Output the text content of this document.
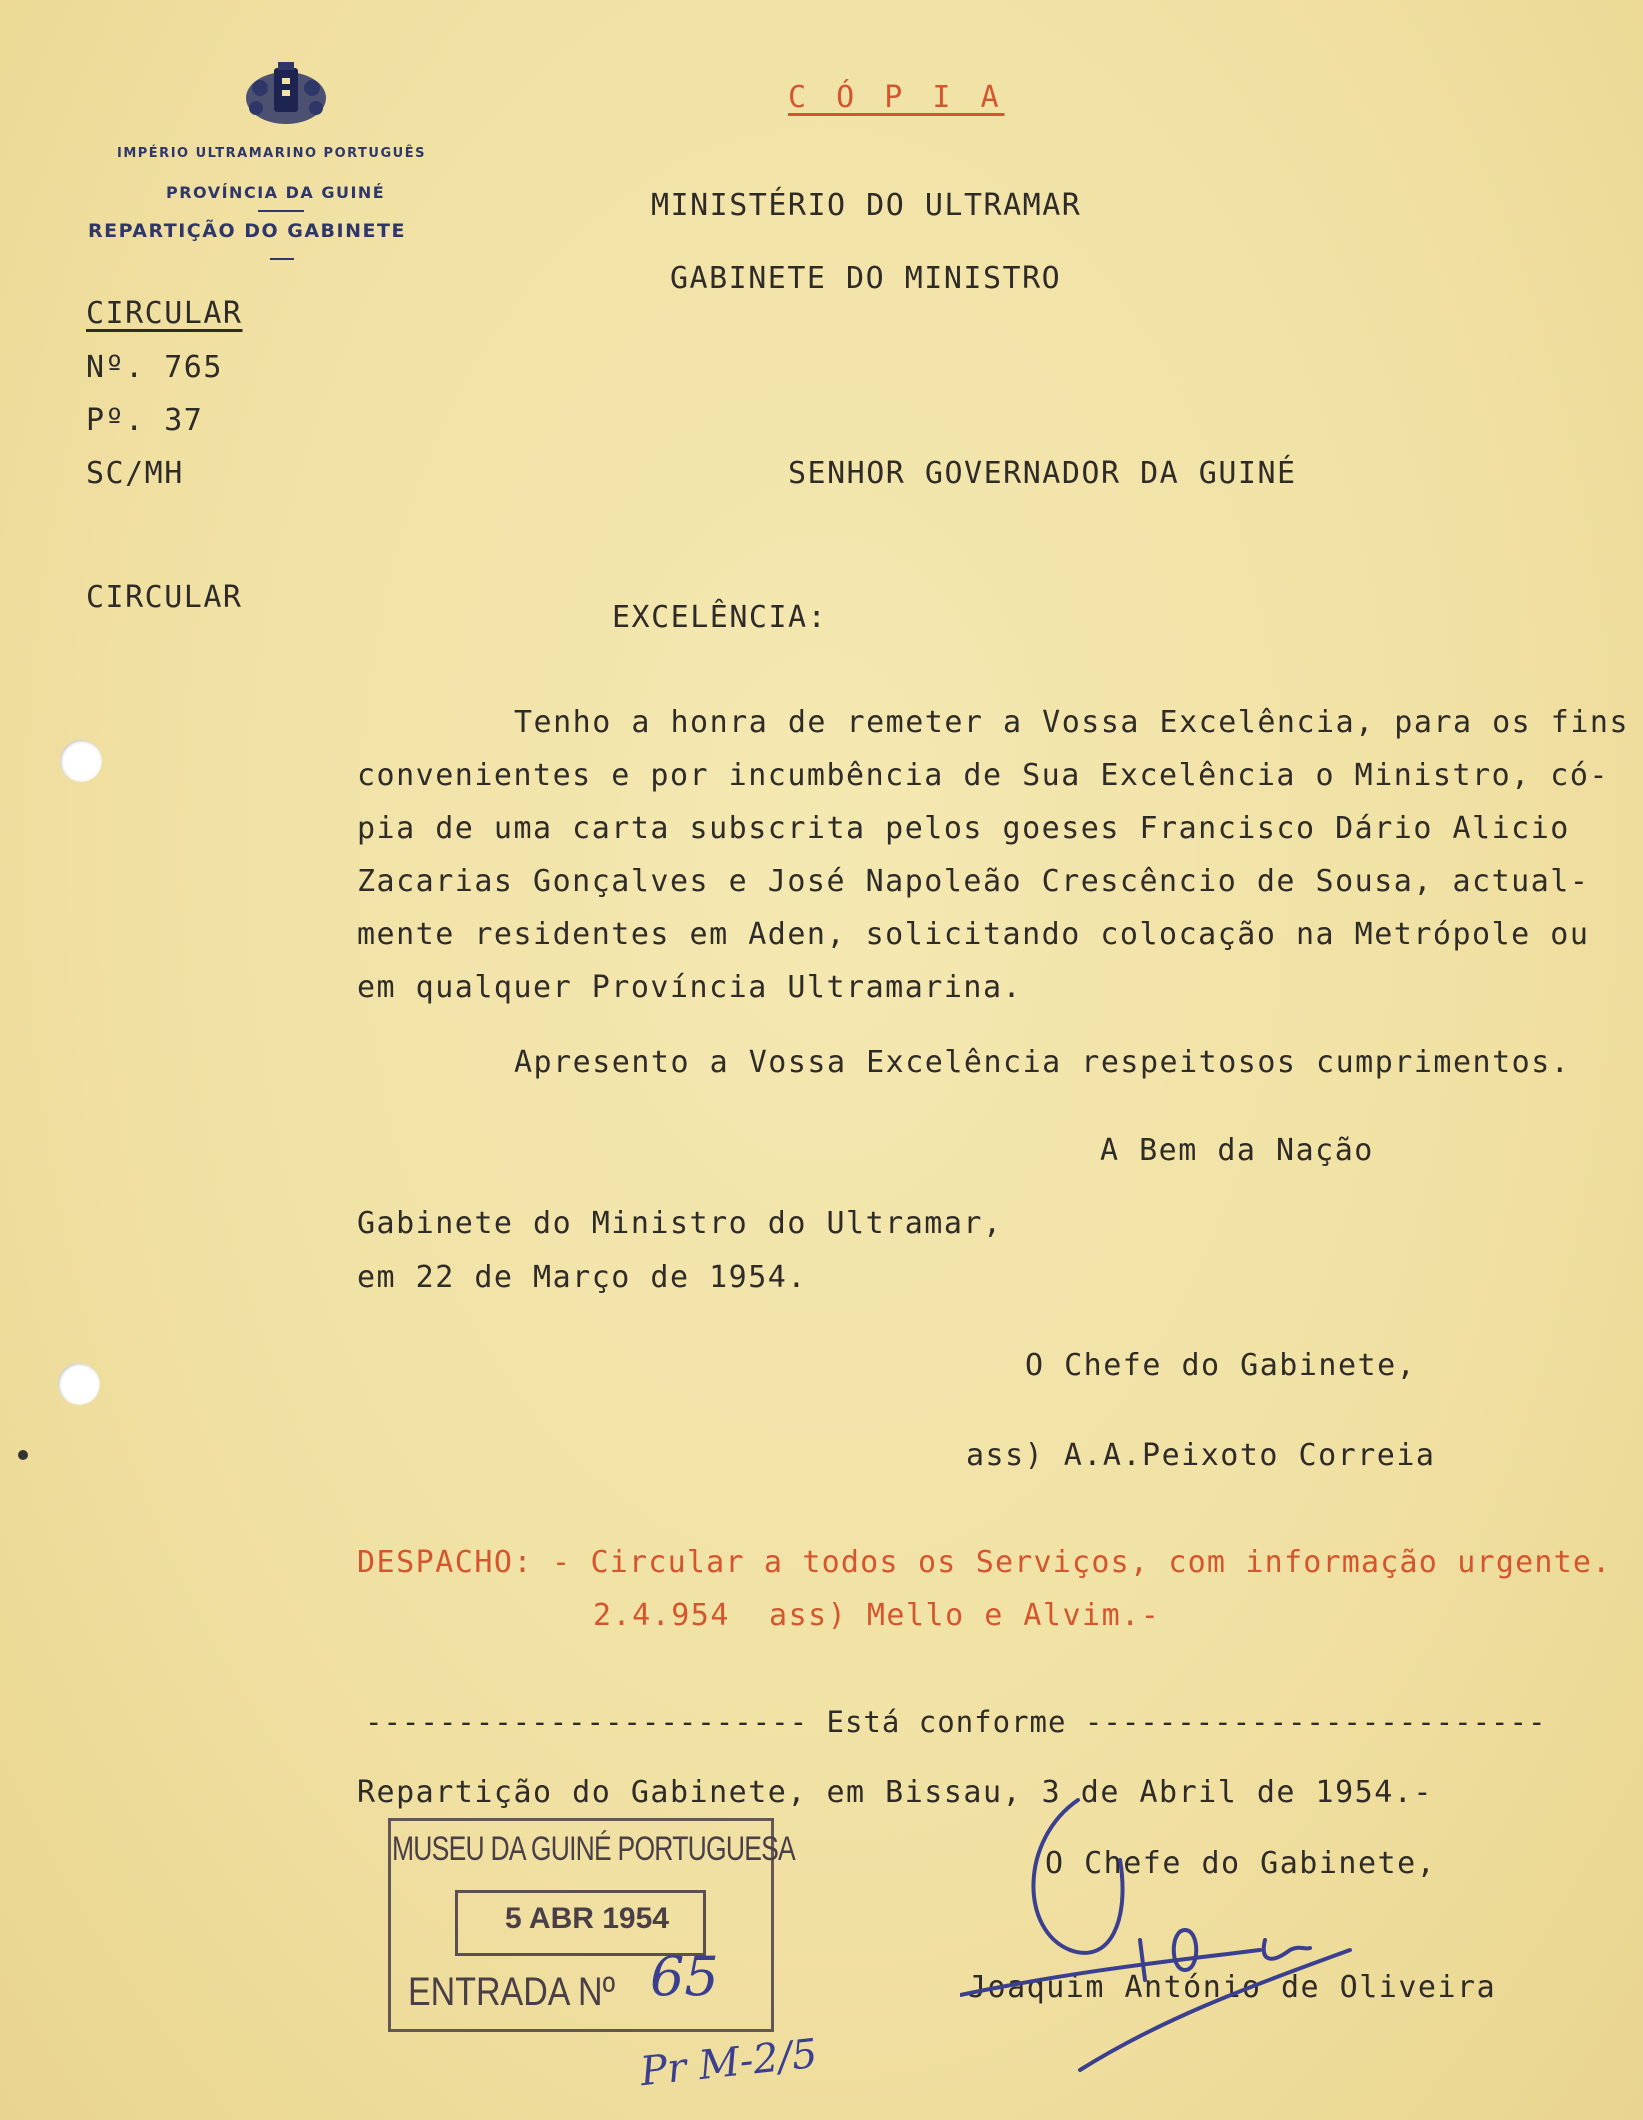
IMPÉRIO ULTRAMARINO PORTUGUÊS
PROVÍNCIA DA GUINÉ
REPARTIÇÃO DO GABINETE
C Ó P I A
MINISTÉRIO DO ULTRAMAR
GABINETE DO MINISTRO
CIRCULAR
Nº. 765
Pº. 37
SC/MH
CIRCULAR
SENHOR GOVERNADOR DA GUINÉ
EXCELÊNCIA:
Tenho a honra de remeter a Vossa Excelência, para os fins
convenientes e por incumbência de Sua Excelência o Ministro, có-
pia de uma carta subscrita pelos goeses Francisco Dário Alicio
Zacarias Gonçalves e José Napoleão Crescêncio de Sousa, actual-
mente residentes em Aden, solicitando colocação na Metrópole ou
em qualquer Província Ultramarina.
Apresento a Vossa Excelência respeitosos cumprimentos.
A Bem da Nação
Gabinete do Ministro do Ultramar,
em 22 de Março de 1954.
O Chefe do Gabinete,
ass) A.A.Peixoto Correia
DESPACHO: - Circular a todos os Serviços, com informação urgente.
2.4.954  ass) Mello e Alvim.-
------------------------ Está conforme -------------------------
Repartição do Gabinete, em Bissau, 3 de Abril de 1954.-
O Chefe do Gabinete,
Joaquim António de Oliveira
MUSEU DA GUINÉ PORTUGUESA
5 ABR 1954
ENTRADA Nº 65
Pr M-2/5
